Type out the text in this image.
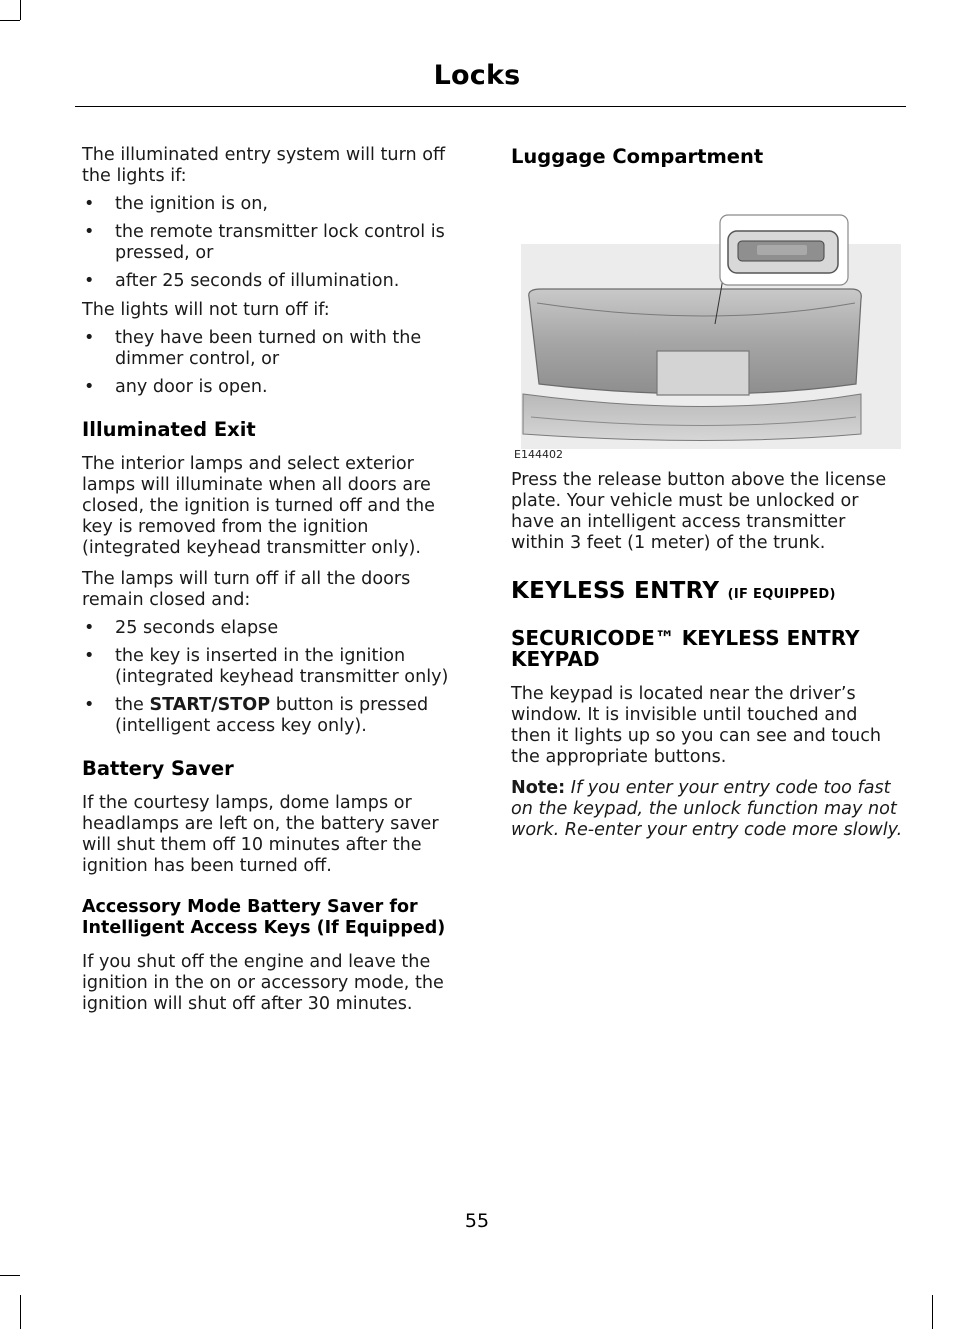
Locks

The illuminated entry system will turn off the lights if:

• the ignition is on,
• the remote transmitter lock control is pressed, or
• after 25 seconds of illumination.

The lights will not turn off if:

• they have been turned on with the dimmer control, or
• any door is open.
Illuminated Exit

The interior lamps and select exterior lamps will illuminate when all doors are closed, the ignition is turned off and the key is removed from the ignition (integrated keyhead transmitter only).

The lamps will turn off if all the doors remain closed and:

• 25 seconds elapse
• the key is inserted in the ignition (integrated keyhead transmitter only)
• the START/STOP button is pressed (intelligent access key only).
Battery Saver

If the courtesy lamps, dome lamps or headlamps are left on, the battery saver will shut them off 10 minutes after the ignition has been turned off.

Accessory Mode Battery Saver for Intelligent Access Keys (If Equipped)

If you shut off the engine and leave the ignition in the on or accessory mode, the ignition will shut off after 30 minutes.

Luggage Compartment
E144402

Press the release button above the license plate. Your vehicle must be unlocked or have an intelligent access transmitter within 3 feet (1 meter) of the trunk.

KEYLESS ENTRY (IF EQUIPPED)
SECURICODE™ KEYLESS ENTRY KEYPAD

The keypad is located near the driver’s window. It is invisible until touched and then it lights up so you can see and touch the appropriate buttons.

Note: If you enter your entry code too fast on the keypad, the unlock function may not work. Re-enter your entry code more slowly.

55
